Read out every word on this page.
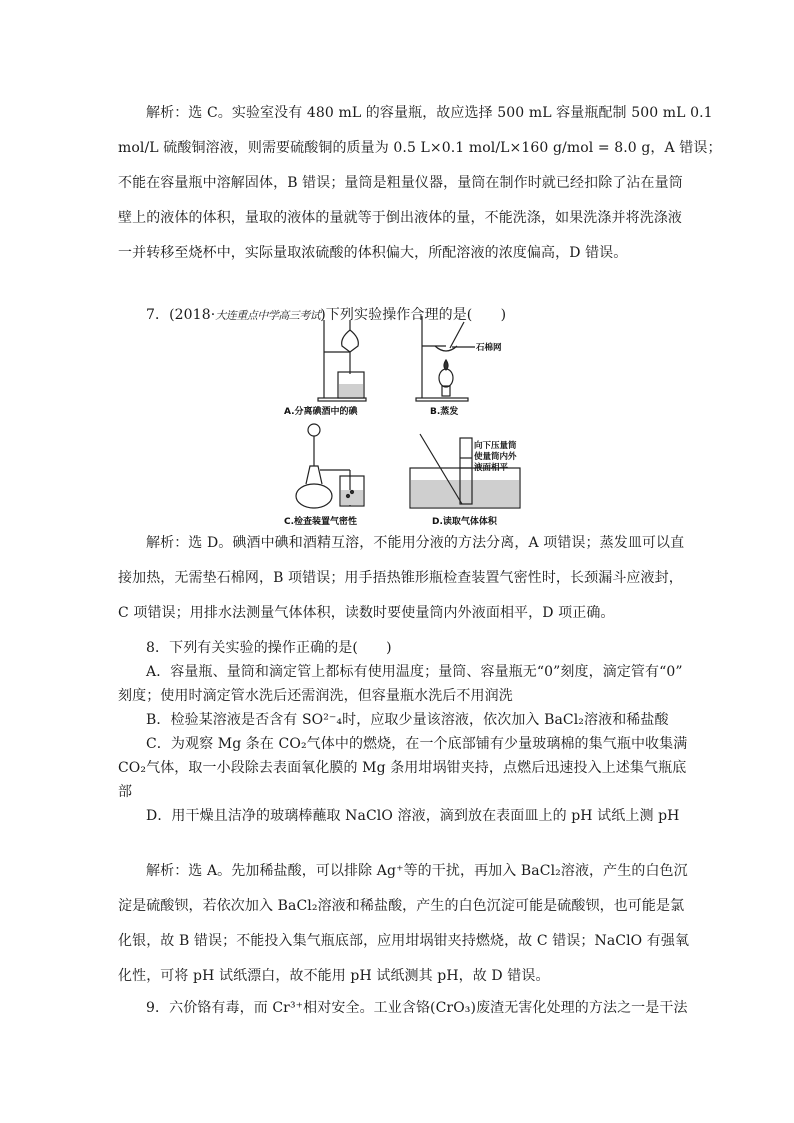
解析：选 C。实验室没有 480 mL 的容量瓶，故应选择 500 mL 容量瓶配制 500 mL 0.1
mol/L 硫酸铜溶液，则需要硫酸铜的质量为 0.5 L×0.1 mol/L×160 g/mol = 8.0 g，A 错误；
不能在容量瓶中溶解固体，B 错误；量筒是粗量仪器，量筒在制作时就已经扣除了沾在量筒
壁上的液体的体积，量取的液体的量就等于倒出液体的量，不能洗涤，如果洗涤并将洗涤液
一并转移至烧杯中，实际量取浓硫酸的体积偏大，所配溶液的浓度偏高，D 错误。
7．(2018·大连重点中学高三考试)下列实验操作合理的是(　　)
A.分离碘酒中的碘
石棉网
B.蒸发
C.检查装置气密性
向下压量筒
使量筒内外
液面相平
D.读取气体体积
解析：选 D。碘酒中碘和酒精互溶，不能用分液的方法分离，A 项错误；蒸发皿可以直
接加热，无需垫石棉网，B 项错误；用手捂热锥形瓶检查装置气密性时，长颈漏斗应液封，
C 项错误；用排水法测量气体体积，读数时要使量筒内外液面相平，D 项正确。
8．下列有关实验的操作正确的是(　　)
A．容量瓶、量筒和滴定管上都标有使用温度；量筒、容量瓶无“0”刻度，滴定管有“0”
刻度；使用时滴定管水洗后还需润洗，但容量瓶水洗后不用润洗
B．检验某溶液是否含有 SO²⁻₄时，应取少量该溶液，依次加入 BaCl₂溶液和稀盐酸
C．为观察 Mg 条在 CO₂气体中的燃烧，在一个底部铺有少量玻璃棉的集气瓶中收集满
CO₂气体，取一小段除去表面氧化膜的 Mg 条用坩埚钳夹持，点燃后迅速投入上述集气瓶底
部
D．用干燥且洁净的玻璃棒蘸取 NaClO 溶液，滴到放在表面皿上的 pH 试纸上测 pH
解析：选 A。先加稀盐酸，可以排除 Ag⁺等的干扰，再加入 BaCl₂溶液，产生的白色沉
淀是硫酸钡，若依次加入 BaCl₂溶液和稀盐酸，产生的白色沉淀可能是硫酸钡，也可能是氯
化银，故 B 错误；不能投入集气瓶底部，应用坩埚钳夹持燃烧，故 C 错误；NaClO 有强氧
化性，可将 pH 试纸漂白，故不能用 pH 试纸测其 pH，故 D 错误。
9．六价铬有毒，而 Cr³⁺相对安全。工业含铬(CrO₃)废渣无害化处理的方法之一是干法
